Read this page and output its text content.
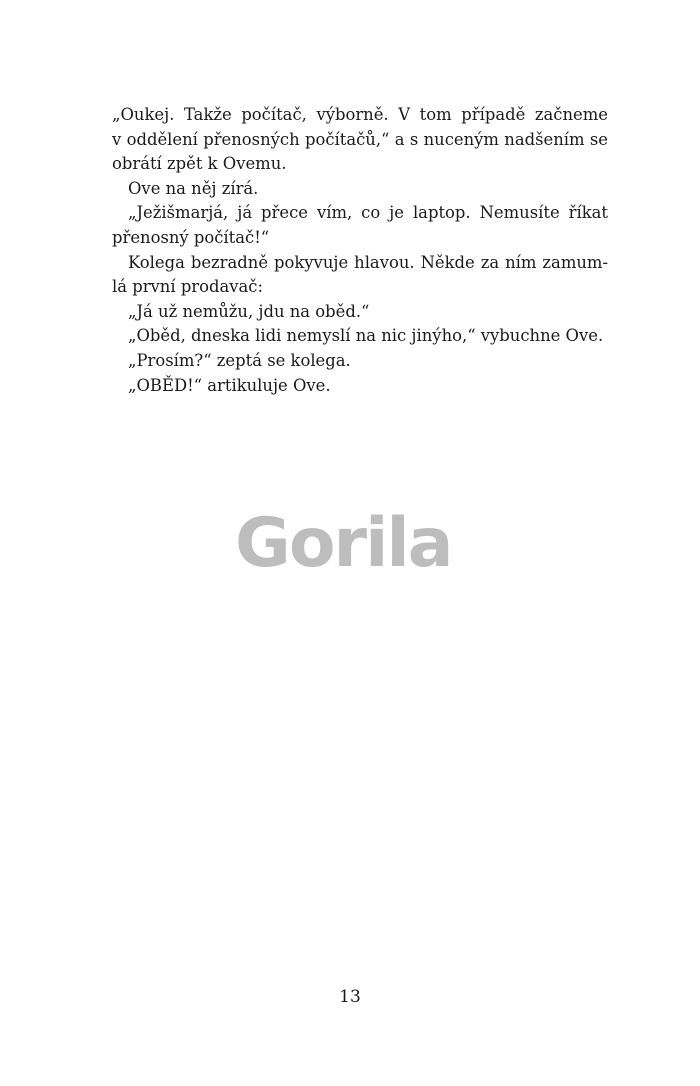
„Oukej. Takže počítač, výborně. V tom případě začneme
v oddělení přenosných počítačů,“ a s nuceným nadšením se
obrátí zpět k Ovemu.
Ove na něj zírá.
„Ježišmarjá, já přece vím, co je laptop. Nemusíte říkat
přenosný počítač!“
Kolega bezradně pokyvuje hlavou. Někde za ním zamum-
lá první prodavač:
„Já už nemůžu, jdu na oběd.“
„Oběd, dneska lidi nemyslí na nic jinýho,“ vybuchne Ove.
„Prosím?“ zeptá se kolega.
„OBĚD!“ artikuluje Ove.
Gorila
13
